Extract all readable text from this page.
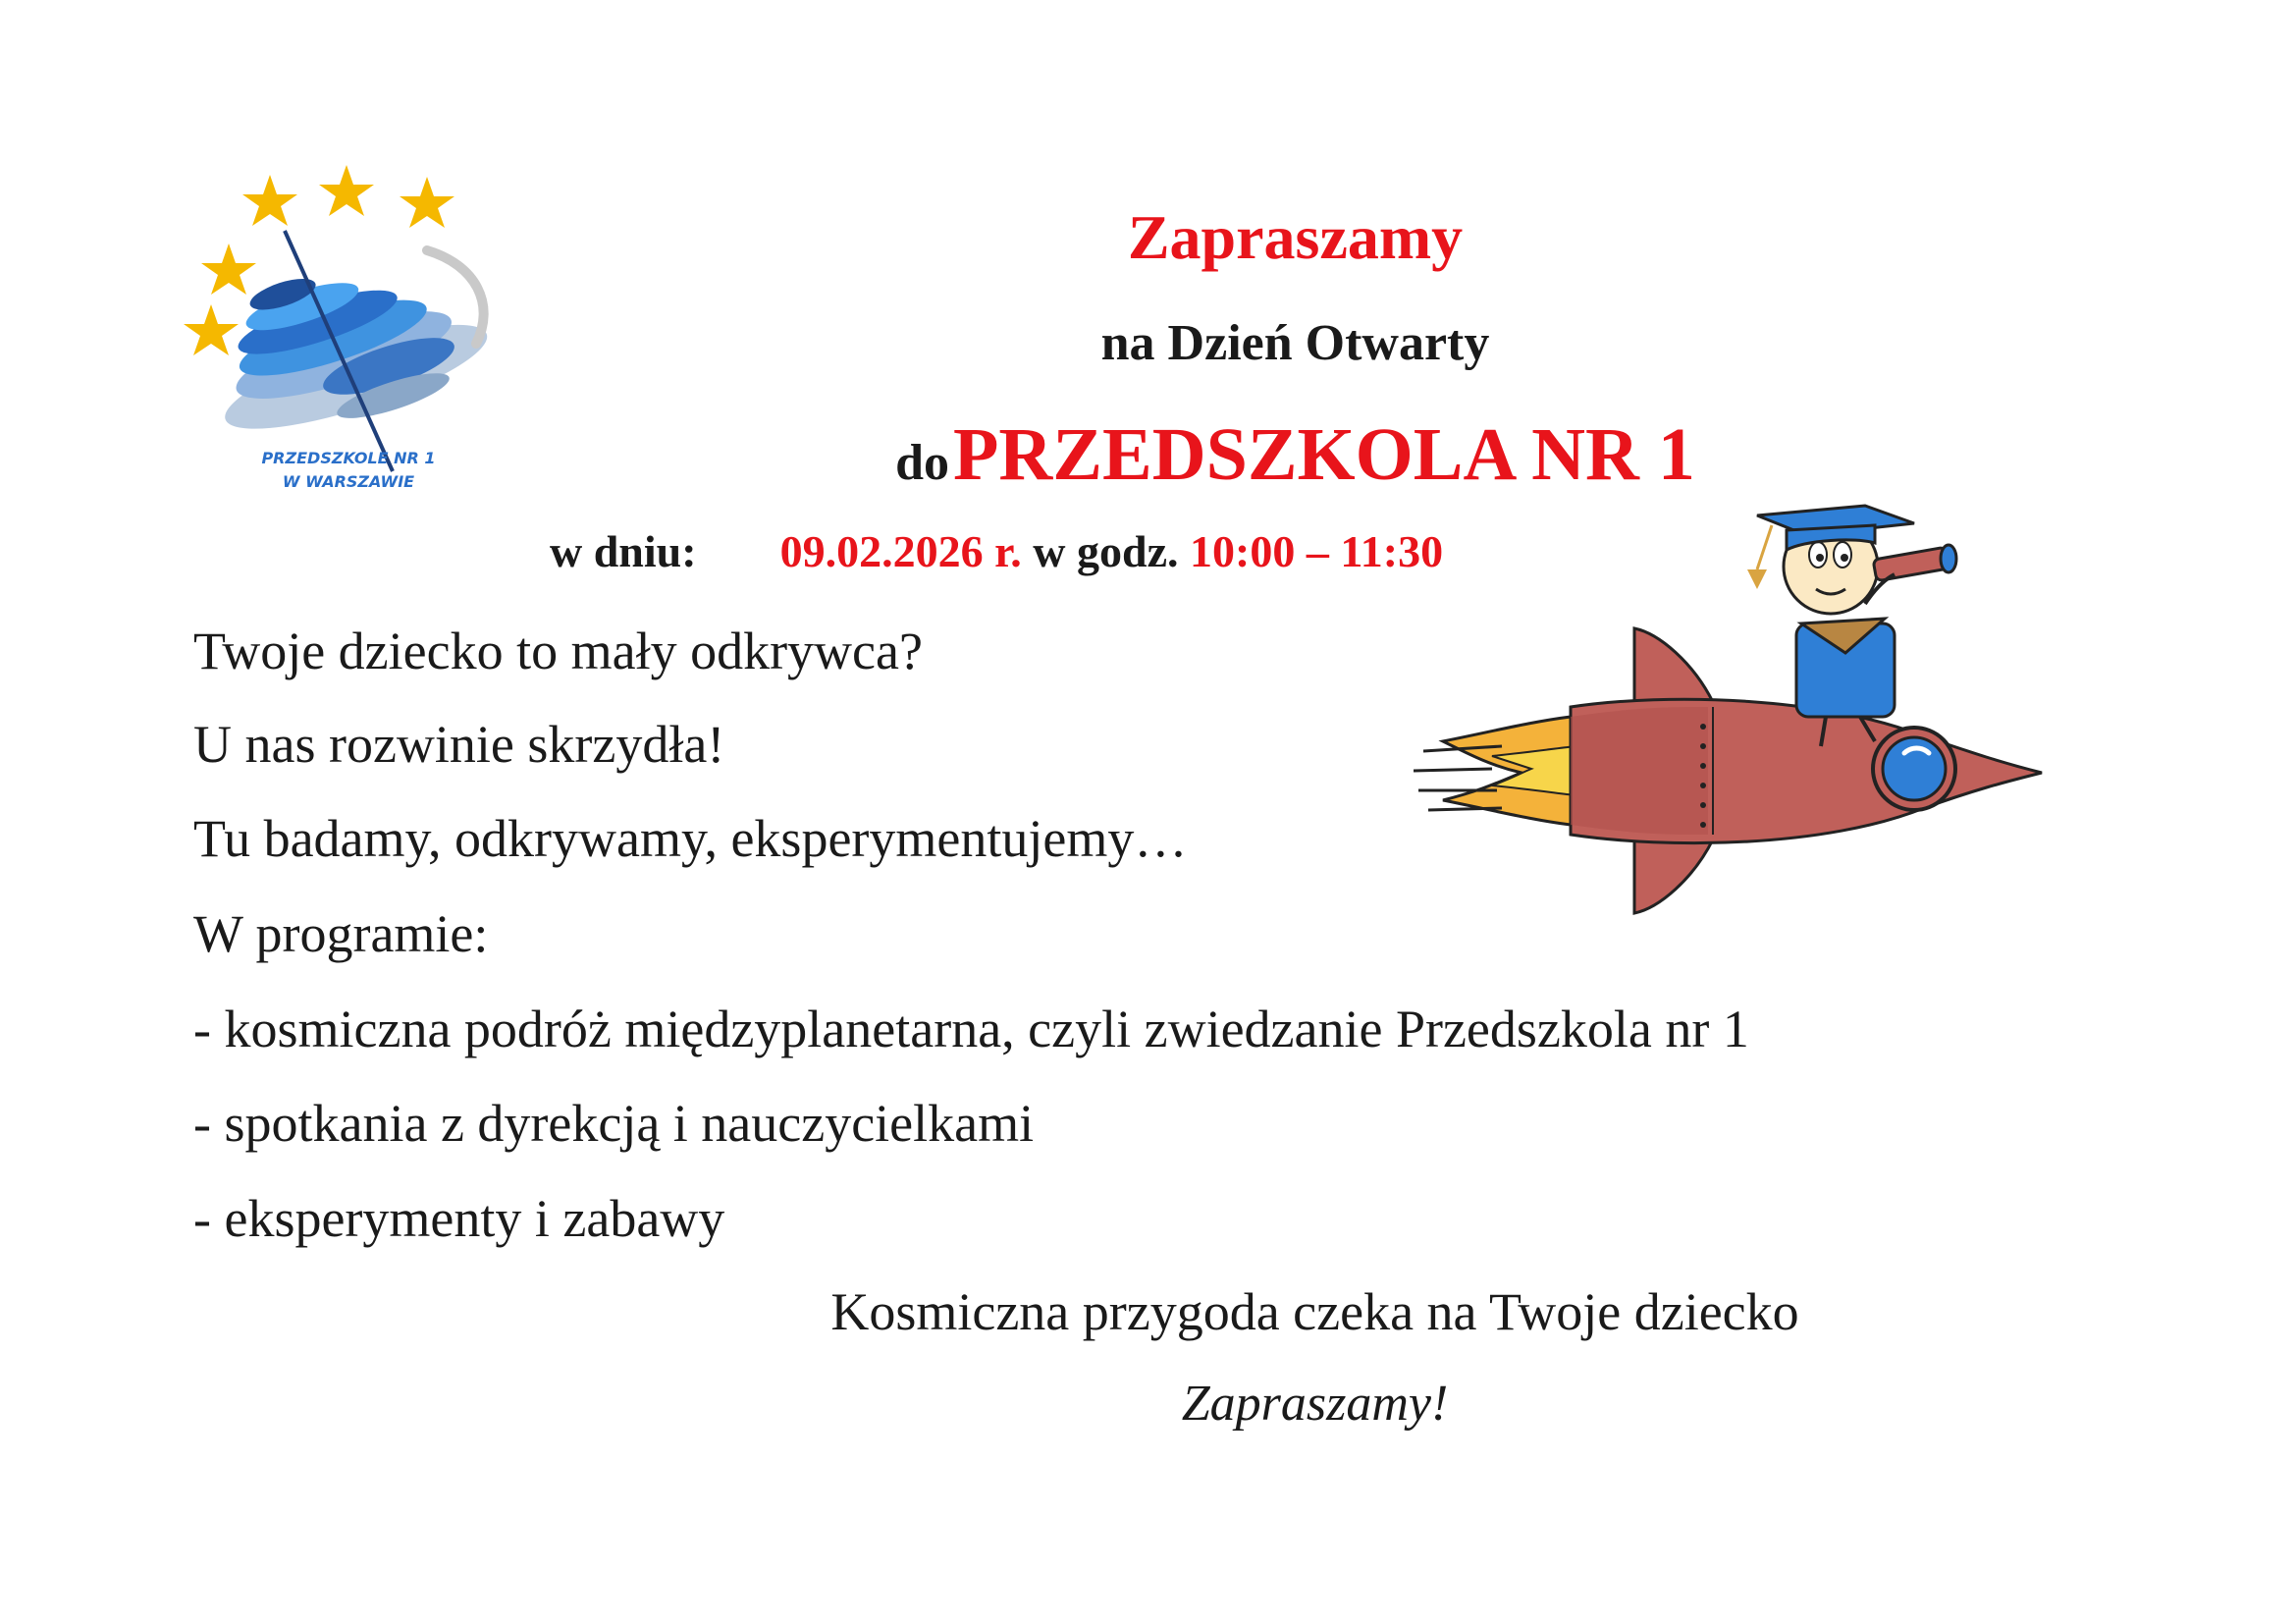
PRZEDSZKOLE NR 1
W WARSZAWIE
Zapraszamy
na Dzień Otwarty
do PRZEDSZKOLA NR 1
w dniu: 09.02.2026 r. w godz. 10:00 – 11:30
Twoje dziecko to mały odkrywca?
U nas rozwinie skrzydła!
Tu badamy, odkrywamy, eksperymentujemy…
W programie:
- kosmiczna podróż międzyplanetarna, czyli zwiedzanie Przedszkola nr 1
- spotkania z dyrekcją i nauczycielkami
- eksperymenty i zabawy
Kosmiczna przygoda czeka na Twoje dziecko
Zapraszamy!
